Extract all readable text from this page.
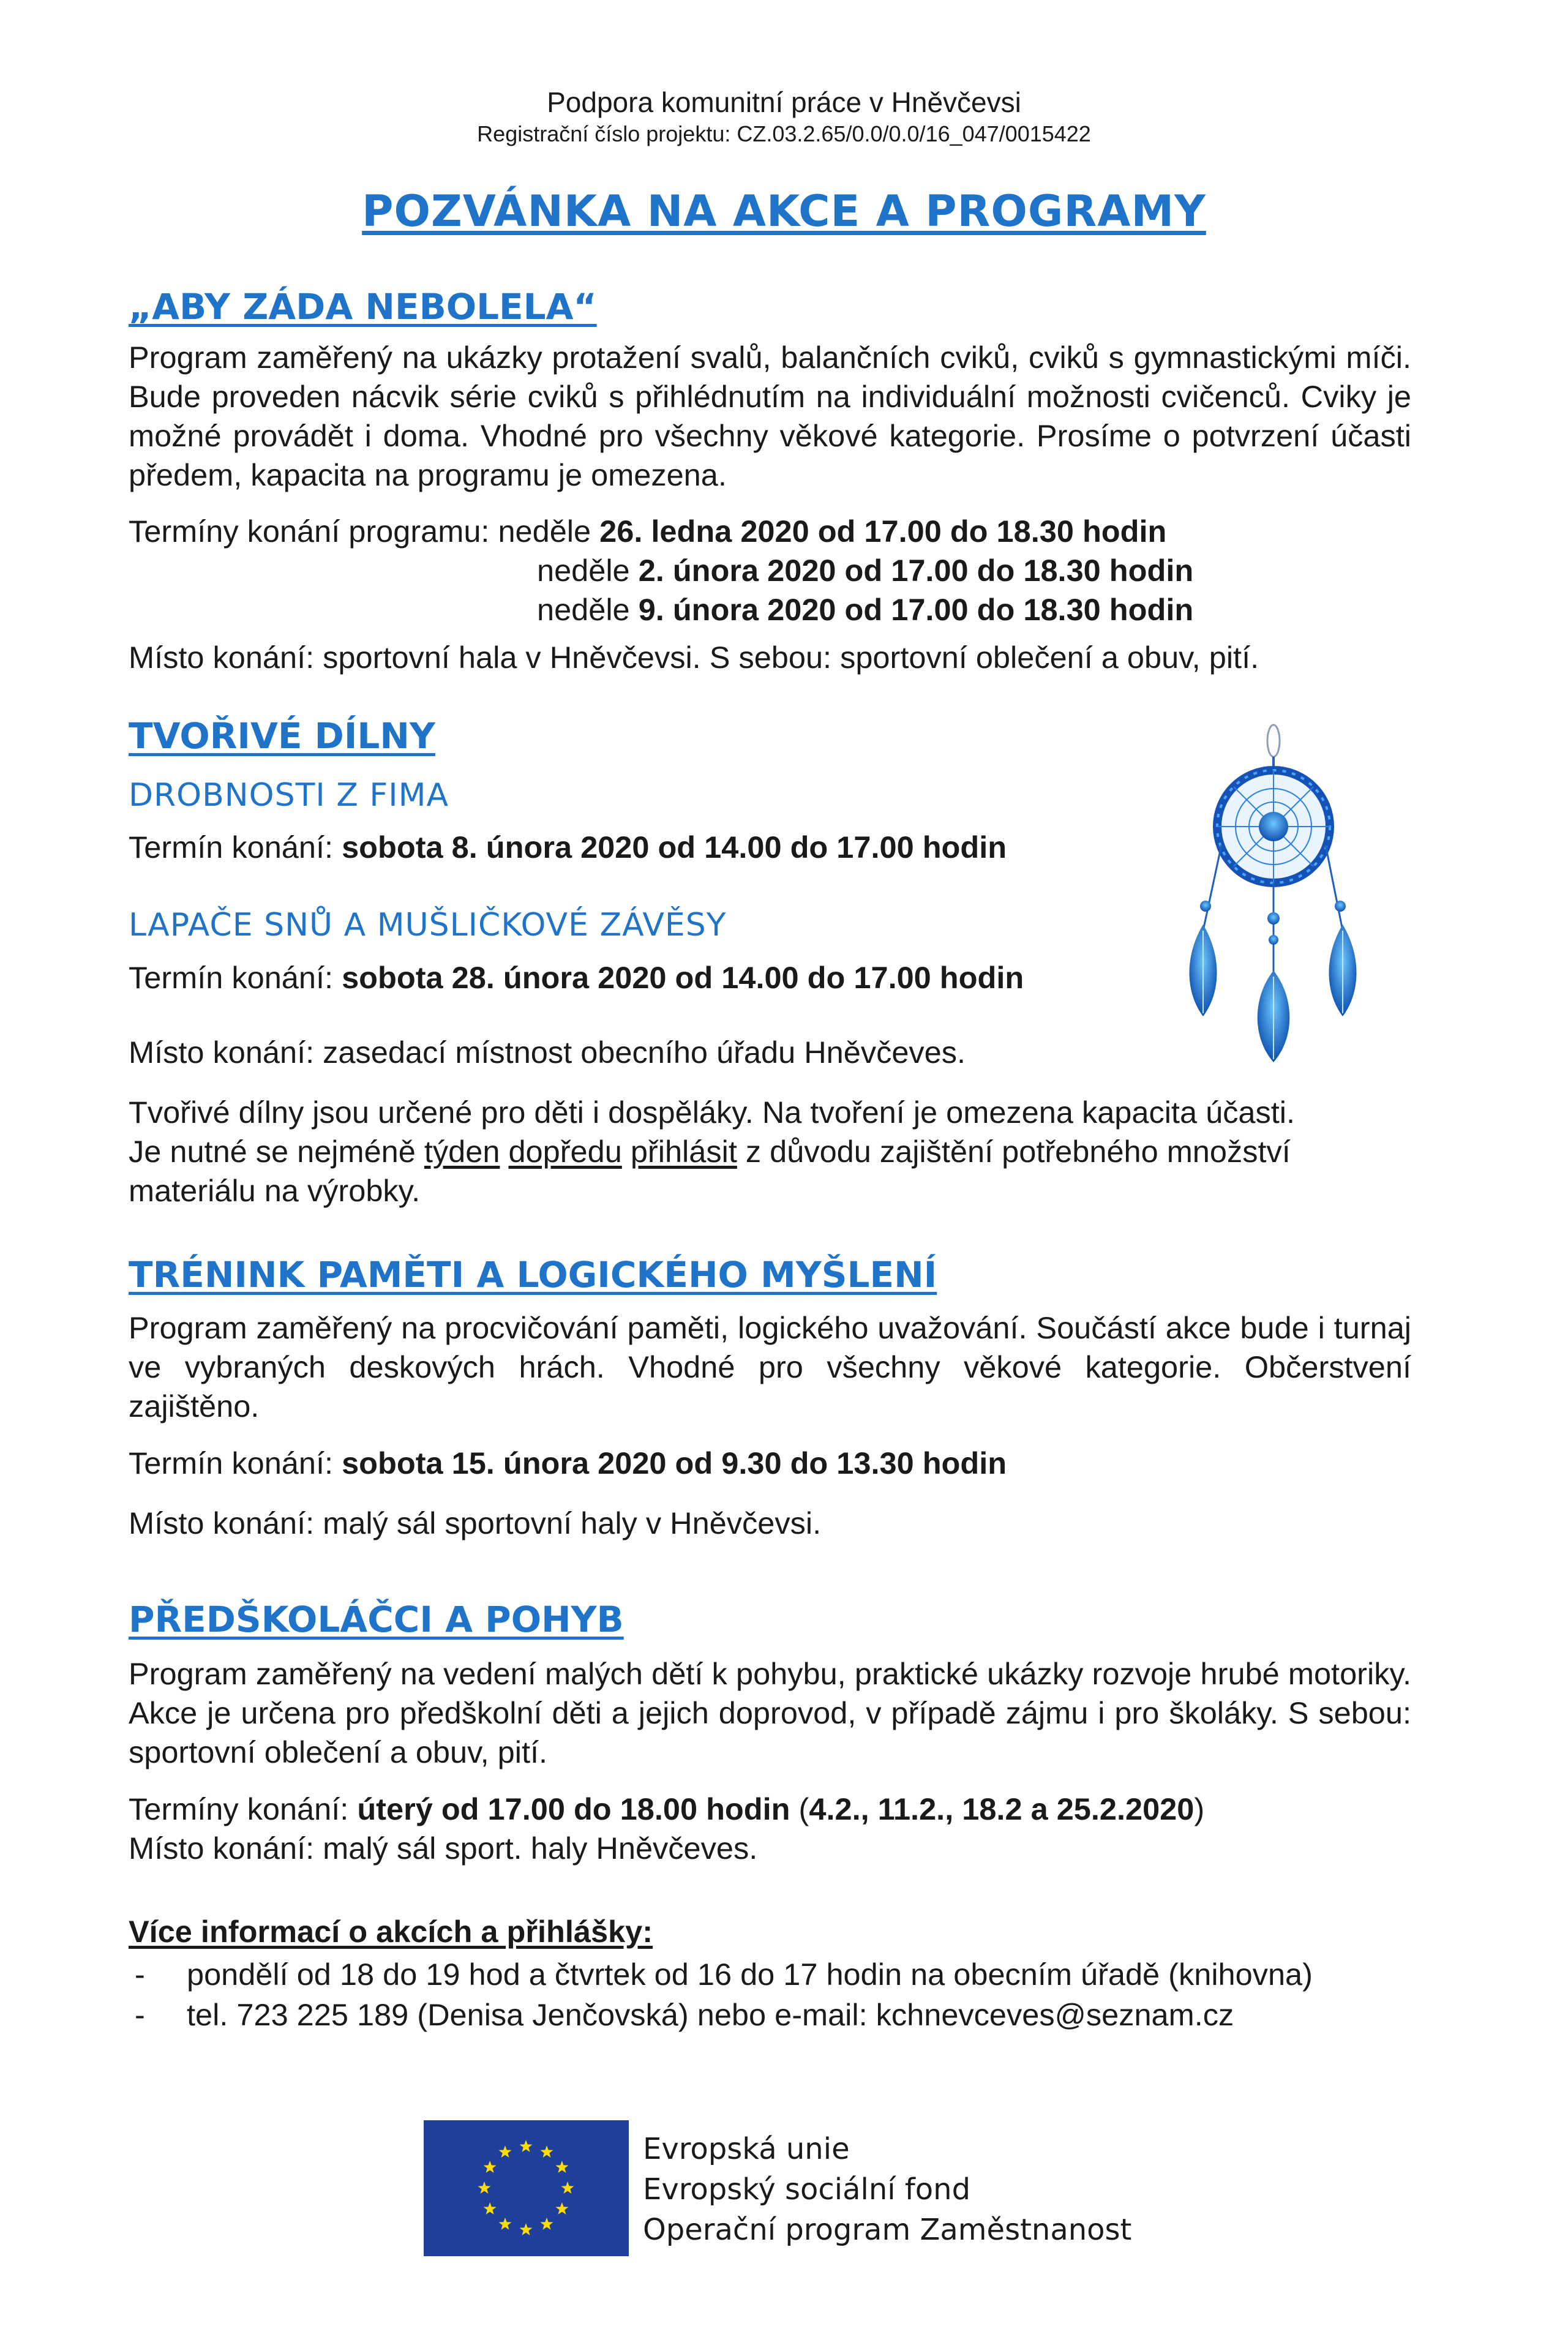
Podpora komunitní práce v Hněvčevsi
Registrační číslo projektu: CZ.03.2.65/0.0/0.0/16_047/0015422
POZVÁNKA NA AKCE A PROGRAMY
„ABY ZÁDA NEBOLELA“
Program zaměřený na ukázky protažení svalů, balančních cviků, cviků s gymnastickými míči. Bude proveden nácvik série cviků s přihlédnutím na individuální možnosti cvičenců. Cviky je možné provádět i doma. Vhodné pro všechny věkové kategorie. Prosíme o potvrzení účasti předem, kapacita na programu je omezena.
Termíny konání programu: neděle 26. ledna 2020 od 17.00 do 18.30 hodin
neděle 2. února 2020 od 17.00 do 18.30 hodin
neděle 9. února 2020 od 17.00 do 18.30 hodin
Místo konání: sportovní hala v Hněvčevsi. S sebou: sportovní oblečení a obuv, pití.
TVOŘIVÉ DÍLNY
DROBNOSTI Z FIMA
Termín konání: sobota 8. února 2020 od 14.00 do 17.00 hodin
LAPAČE SNŮ A MUŠLIČKOVÉ ZÁVĚSY
Termín konání: sobota 28. února 2020 od 14.00 do 17.00 hodin
Místo konání: zasedací místnost obecního úřadu Hněvčeves.
Tvořivé dílny jsou určené pro děti i dospěláky. Na tvoření je omezena kapacita účasti.
Je nutné se nejméně týden dopředu přihlásit z důvodu zajištění potřebného množství
materiálu na výrobky.
TRÉNINK PAMĚTI A LOGICKÉHO MYŠLENÍ
Program zaměřený na procvičování paměti, logického uvažování. Součástí akce bude i turnaj ve vybraných deskových hrách. Vhodné pro všechny věkové kategorie. Občerstvení zajištěno.
Termín konání: sobota 15. února 2020 od 9.30 do 13.30 hodin
Místo konání: malý sál sportovní haly v Hněvčevsi.
PŘEDŠKOLÁČCI A POHYB
Program zaměřený na vedení malých dětí k pohybu, praktické ukázky rozvoje hrubé motoriky. Akce je určena pro předškolní děti a jejich doprovod, v případě zájmu i pro školáky. S sebou: sportovní oblečení a obuv, pití.
Termíny konání: úterý od 17.00 do 18.00 hodin (4.2., 11.2., 18.2 a 25.2.2020)
Místo konání: malý sál sport. haly Hněvčeves.
Více informací o akcích a přihlášky:
- pondělí od 18 do 19 hod a čtvrtek od 16 do 17 hodin na obecním úřadě (knihovna)
- tel. 723 225 189 (Denisa Jenčovská) nebo e-mail: kchnevceves@seznam.cz
Evropská unie
Evropský sociální fond
Operační program Zaměstnanost
